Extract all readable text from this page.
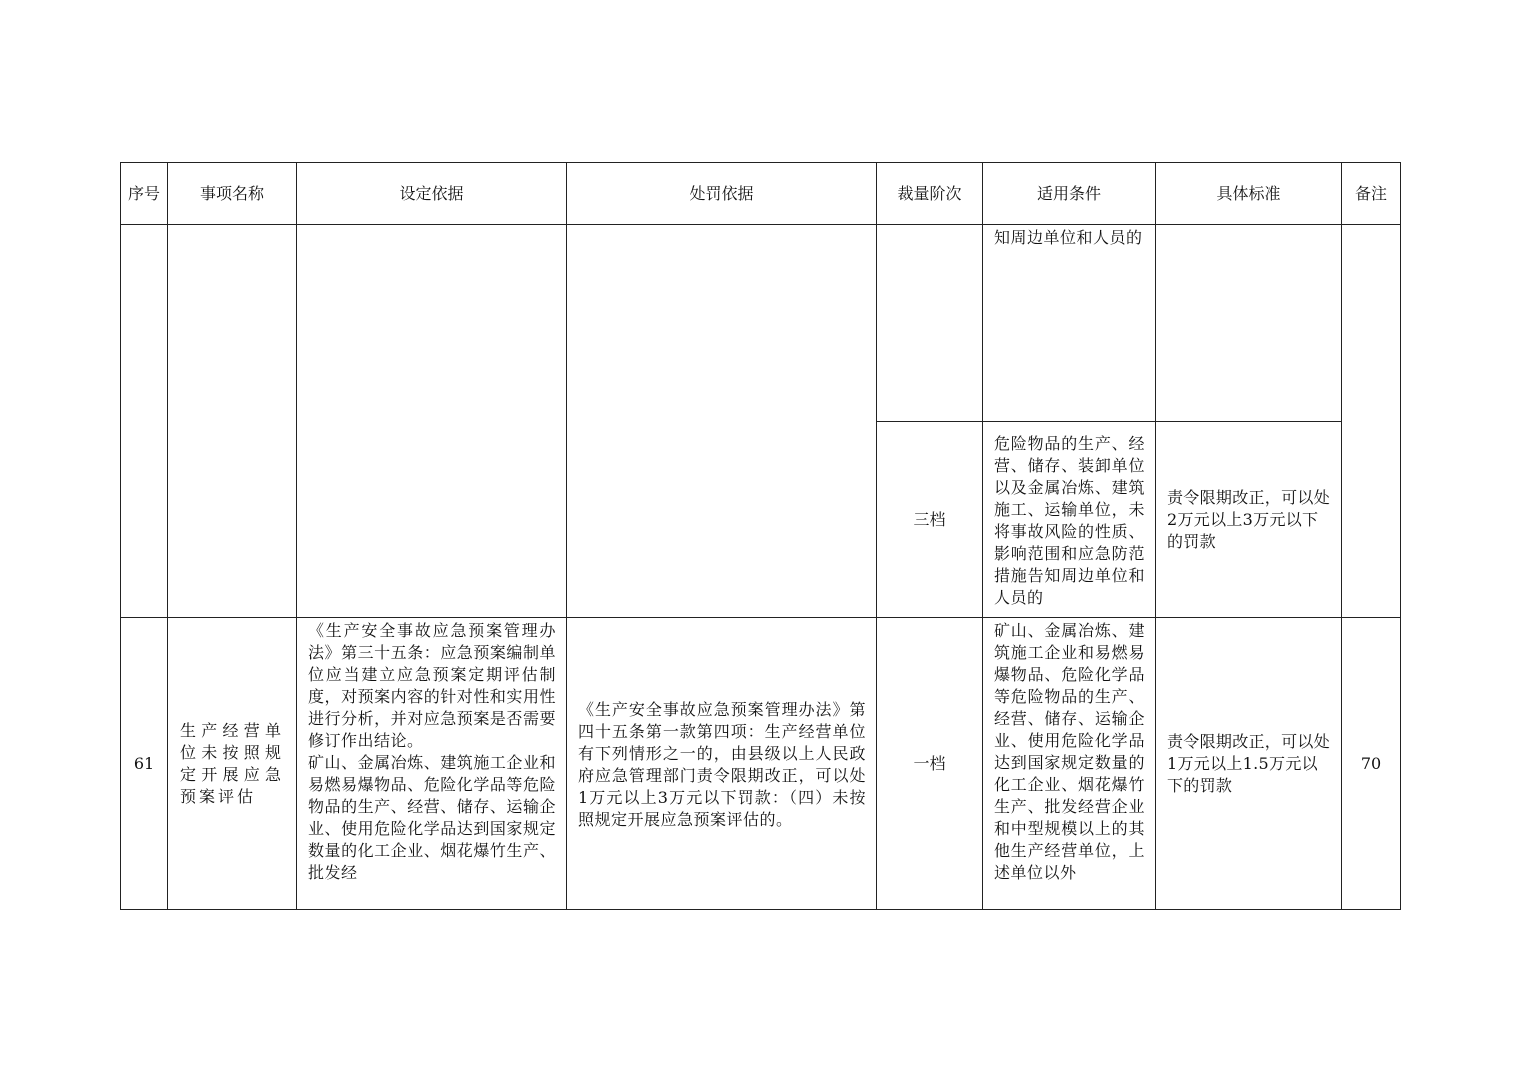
序号	事项名称	设定依据	处罚依据	裁量阶次	适用条件	具体标准	备注

					知周边单位和人员的		

				三档	危险物品的生产、经营、储存、装卸单位以及金属冶炼、建筑施工、运输单位，未将事故风险的性质、影响范围和应急防范措施告知周边单位和人员的	责令限期改正，可以处2万元以上3万元以下的罚款	

61	生产经营单位未按照规定开展应急预案评估	《生产安全事故应急预案管理办法》第三十五条：应急预案编制单位应当建立应急预案定期评估制度，对预案内容的针对性和实用性进行分析，并对应急预案是否需要修订作出结论。
矿山、金属冶炼、建筑施工企业和易燃易爆物品、危险化学品等危险物品的生产、经营、储存、运输企业、使用危险化学品达到国家规定数量的化工企业、烟花爆竹生产、批发经	《生产安全事故应急预案管理办法》第四十五条第一款第四项：生产经营单位有下列情形之一的，由县级以上人民政府应急管理部门责令限期改正，可以处1万元以上3万元以下罚款：（四）未按照规定开展应急预案评估的。	一档	矿山、金属冶炼、建筑施工企业和易燃易爆物品、危险化学品等危险物品的生产、经营、储存、运输企业、使用危险化学品达到国家规定数量的化工企业、烟花爆竹生产、批发经营企业和中型规模以上的其他生产经营单位，上述单位以外	责令限期改正，可以处1万元以上1.5万元以下的罚款	70
